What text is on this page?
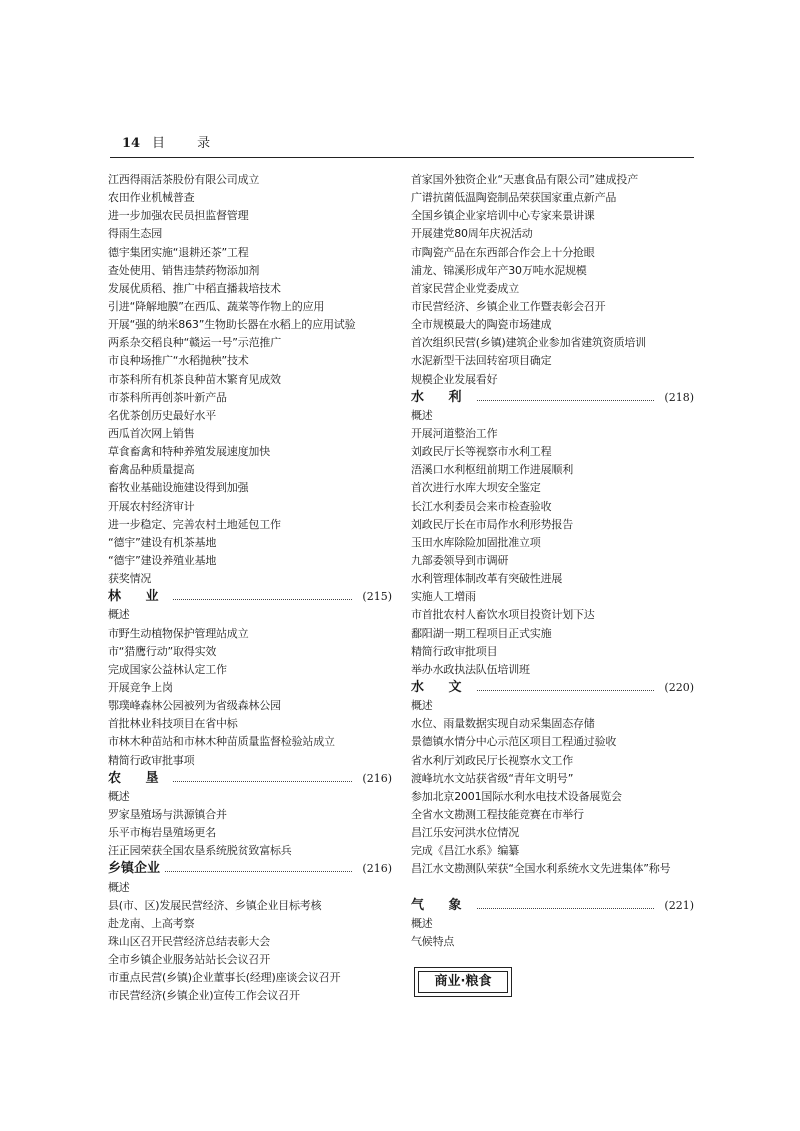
14 目 录
江西得雨活茶股份有限公司成立
农田作业机械普查
进一步加强农民员担监督管理
得雨生态园
德宇集团实施“退耕还茶”工程
查处使用、销售违禁药物添加剂
发展优质稻、推广中稻直播栽培技术
引进“降解地膜”在西瓜、蔬菜等作物上的应用
开展“强的纳米863”生物助长器在水稻上的应用试验
两系杂交稻良种“赣运一号”示范推广
市良种场推广“水稻抛秧”技术
市茶科所有机茶良种苗木繁育见成效
市茶科所再创茶叶新产品
名优茶创历史最好水平
西瓜首次网上销售
草食畜禽和特种养殖发展速度加快
畜禽品种质量提高
畜牧业基础设施建设得到加强
开展农村经济审计
进一步稳定、完善农村土地延包工作
“德宇”建设有机茶基地
“德宇”建设养殖业基地
获奖情况
林 业	(215)
概述
市野生动植物保护管理站成立
市“猎鹰行动”取得实效
完成国家公益林认定工作
开展竞争上岗
鄂璞峰森林公园被列为省级森林公园
首批林业科技项目在省中标
市林木种苗站和市林木种苗质量监督检验站成立
精简行政审批事项
农 垦	(216)
概述
罗家垦殖场与洪源镇合并
乐平市梅岩垦殖场更名
汪正园荣获全国农垦系统脱贫致富标兵
乡镇企业	(216)
概述
县(市、区)发展民营经济、乡镇企业目标考核
赴龙南、上高考察
珠山区召开民营经济总结表彰大会
全市乡镇企业服务站站长会议召开
市重点民营(乡镇)企业董事长(经理)座谈会议召开
市民营经济(乡镇企业)宣传工作会议召开
首家国外独资企业“天惠食品有限公司”建成投产
广谱抗菌低温陶瓷制品荣获国家重点新产品
全国乡镇企业家培训中心专家来景讲课
开展建党80周年庆祝活动
市陶瓷产品在东西部合作会上十分抢眼
浦龙、锦溪形成年产30万吨水泥规模
首家民营企业党委成立
市民营经济、乡镇企业工作暨表彰会召开
全市规模最大的陶瓷市场建成
首次组织民营(乡镇)建筑企业参加省建筑资质培训
水泥新型干法回转窑项目确定
规模企业发展看好
水 利	(218)
概述
开展河道整治工作
刘政民厅长等视察市水利工程
浯溪口水利枢纽前期工作进展顺利
首次进行水库大坝安全鉴定
长江水利委员会来市检查验收
刘政民厅长在市局作水利形势报告
玉田水库除险加固批准立项
九部委领导到市调研
水利管理体制改革有突破性进展
实施人工增雨
市首批农村人畜饮水项目投资计划下达
鄱阳湖一期工程项目正式实施
精简行政审批项目
举办水政执法队伍培训班
水 文	(220)
概述
水位、雨量数据实现自动采集固态存储
景德镇水情分中心示范区项目工程通过验收
省水利厅刘政民厅长视察水文工作
渡峰坑水文站获省级“青年文明号”
参加北京2001国际水利水电技术设备展览会
全省水文勘测工程技能竞赛在市举行
昌江乐安河洪水位情况
完成《昌江水系》编纂
昌江水文勘测队荣获“全国水利系统水文先进集体”称号
气 象	(221)
概述
气候特点
商业·粮食
